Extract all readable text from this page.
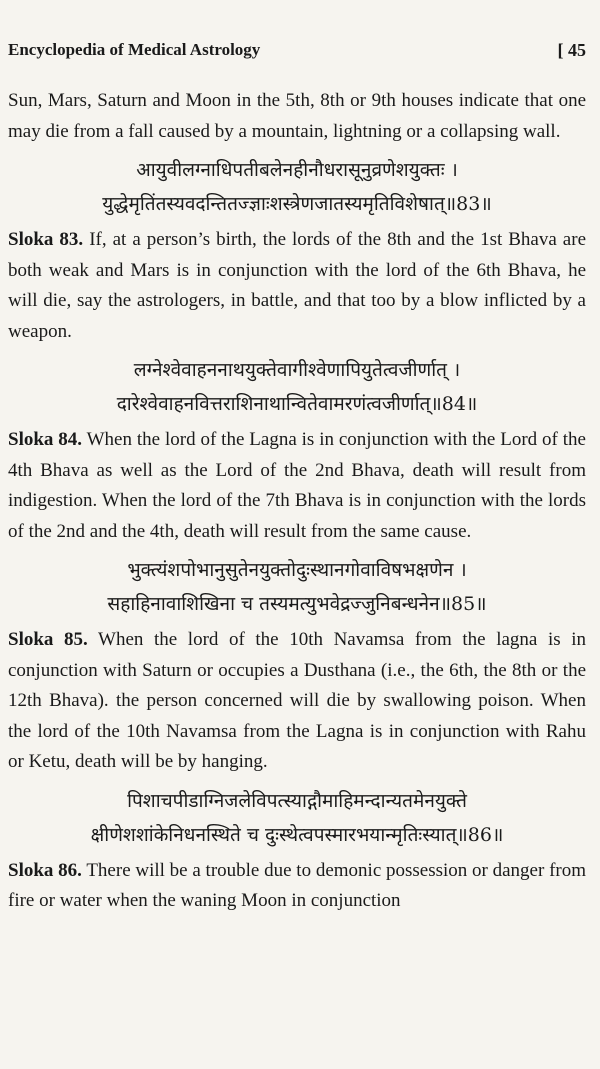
Encyclopedia of Medical Astrology	[ 45

Sun, Mars, Saturn and Moon in the 5th, 8th or 9th houses indicate that one may die from a fall caused by a mountain, lightning or a collapsing wall.

आयुवीलग्नाधिपतीबलेनहीनौधरासूनुव्रणेशयुक्तः ।
युद्धेमृतिंतस्यवदन्तितज्ज्ञाःशस्त्रेणजातस्यमृतिविशेषात्॥83॥

Sloka 83. If, at a person’s birth, the lords of the 8th and the 1st Bhava are both weak and Mars is in conjunction with the lord of the 6th Bhava, he will die, say the astrologers, in battle, and that too by a blow inflicted by a weapon.

लग्नेश्वेवाहननाथयुक्तेवागीश्वेणापियुतेत्वजीर्णात् ।
दारेश्वेवाहनवित्तराशिनाथान्वितेवामरणंत्वजीर्णात्॥84॥

Sloka 84. When the lord of the Lagna is in conjunction with the Lord of the 4th Bhava as well as the Lord of the 2nd Bhava, death will result from indigestion. When the lord of the 7th Bhava is in conjunction with the lords of the 2nd and the 4th, death will result from the same cause.

भुक्त्यंशपोभानुसुतेनयुक्तोदुःस्थानगोवाविषभक्षणेन ।
सहाहिनावाशिखिना च तस्यमत्युभवेद्रज्जुनिबन्धनेन॥85॥

Sloka 85. When the lord of the 10th Navamsa from the lagna is in conjunction with Saturn or occupies a Dusthana (i.e., the 6th, the 8th or the 12th Bhava). the person concerned will die by swallowing poison. When the lord of the 10th Navamsa from the Lagna is in conjunction with Rahu or Ketu, death will be by hanging.

पिशाचपीडाग्निजलेविपत्स्याद्गौमाहिमन्दान्यतमेनयुक्ते
क्षीणेशशांकेनिधनस्थिते च दुःस्थेत्वपस्मारभयान्मृतिःस्यात्॥86॥

Sloka 86. There will be a trouble due to demonic possession or danger from fire or water when the waning Moon in conjunction
